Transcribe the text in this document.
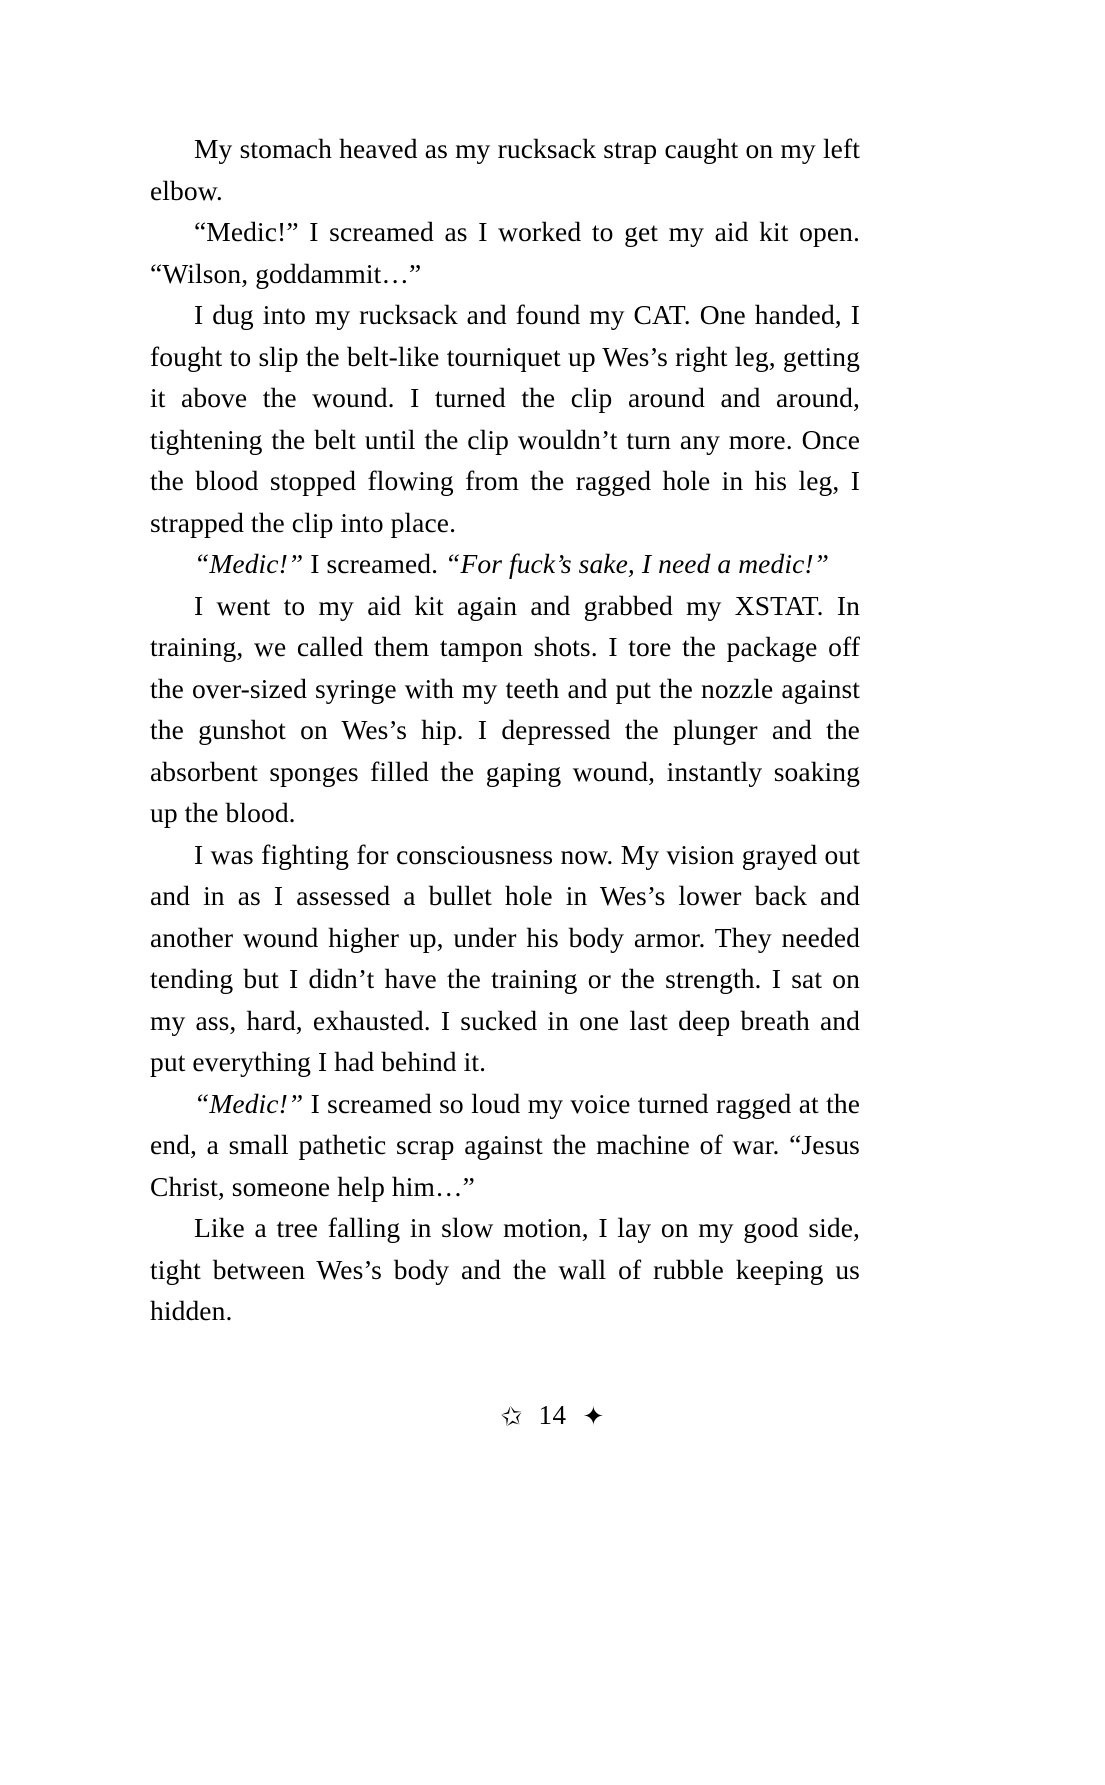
My stomach heaved as my rucksack strap caught on my left elbow.

“Medic!” I screamed as I worked to get my aid kit open. “Wilson, goddammit…”

I dug into my rucksack and found my CAT. One handed, I fought to slip the belt-like tourniquet up Wes’s right leg, getting it above the wound. I turned the clip around and around, tightening the belt until the clip wouldn’t turn any more. Once the blood stopped flowing from the ragged hole in his leg, I strapped the clip into place.

“Medic!” I screamed. “For fuck’s sake, I need a medic!”

I went to my aid kit again and grabbed my XSTAT. In training, we called them tampon shots. I tore the package off the over-sized syringe with my teeth and put the nozzle against the gunshot on Wes’s hip. I depressed the plunger and the absorbent sponges filled the gaping wound, instantly soaking up the blood.

I was fighting for consciousness now. My vision grayed out and in as I assessed a bullet hole in Wes’s lower back and another wound higher up, under his body armor. They needed tending but I didn’t have the training or the strength. I sat on my ass, hard, exhausted. I sucked in one last deep breath and put everything I had behind it.

“Medic!” I screamed so loud my voice turned ragged at the end, a small pathetic scrap against the machine of war. “Jesus Christ, someone help him…”

Like a tree falling in slow motion, I lay on my good side, tight between Wes’s body and the wall of rubble keeping us hidden.

✩ 14 ✦
